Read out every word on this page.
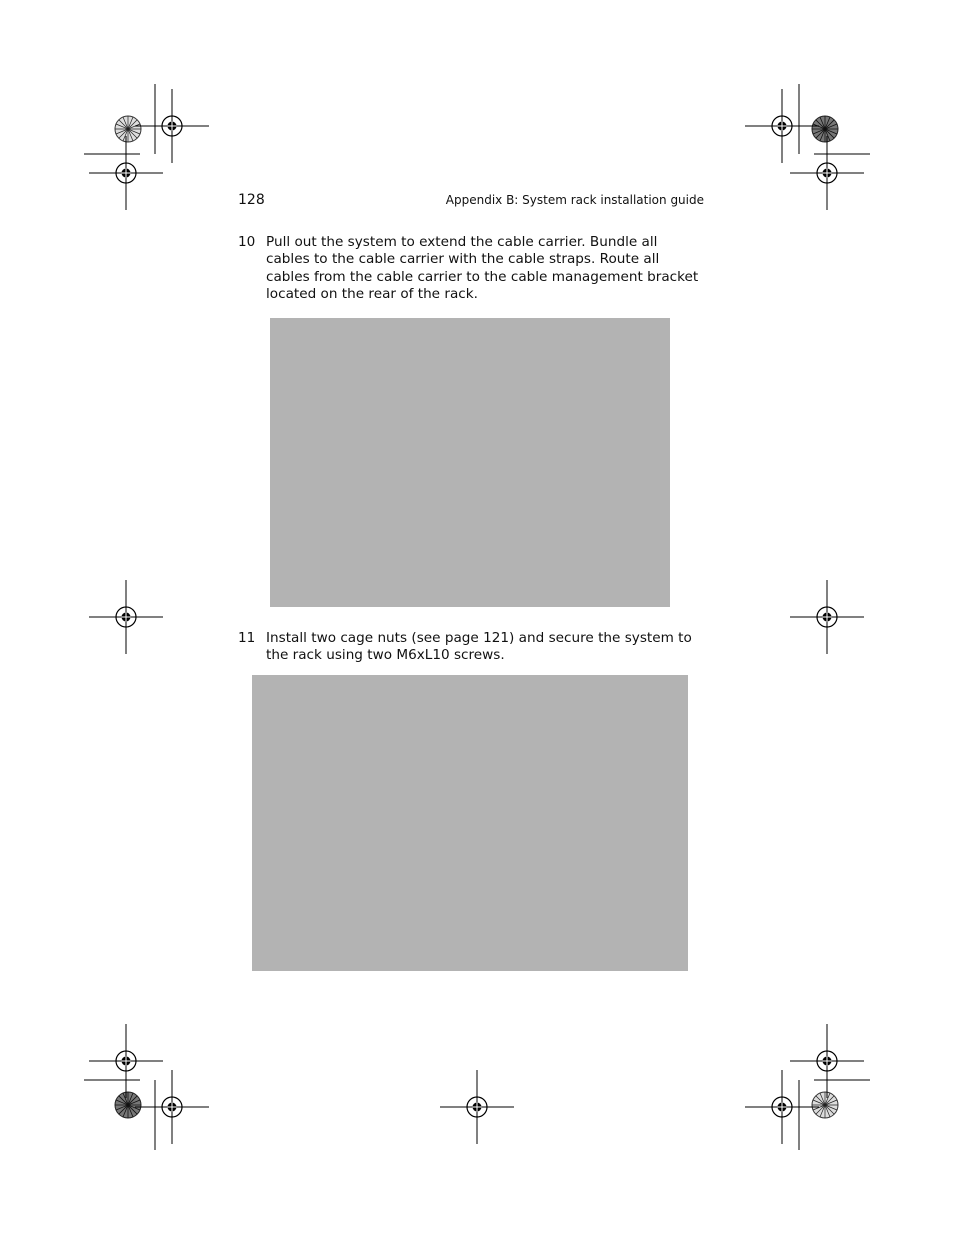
128	Appendix B: System rack installation guide
10 Pull out the system to extend the cable carrier. Bundle all cables to the cable carrier with the cable straps. Route all cables from the cable carrier to the cable management bracket located on the rear of the rack.
11 Install two cage nuts (see page 121) and secure the system to the rack using two M6xL10 screws.
